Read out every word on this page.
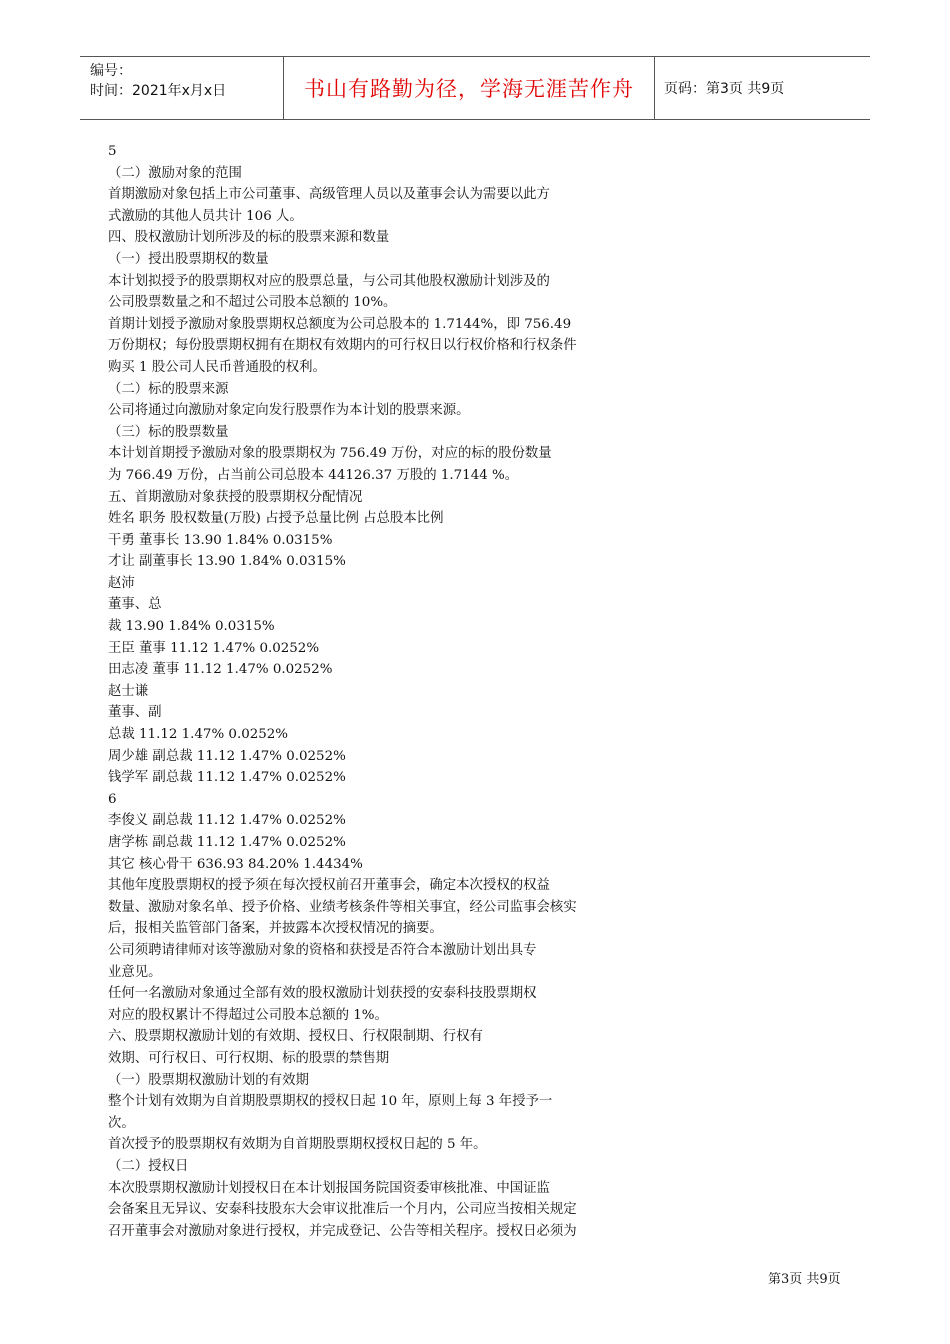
编号：
时间：2021年x月x日	书山有路勤为径，学海无涯苦作舟	页码：第3页 共9页
5
（二）激励对象的范围
首期激励对象包括上市公司董事、高级管理人员以及董事会认为需要以此方
式激励的其他人员共计 106 人。
四、股权激励计划所涉及的标的股票来源和数量
（一）授出股票期权的数量
本计划拟授予的股票期权对应的股票总量，与公司其他股权激励计划涉及的
公司股票数量之和不超过公司股本总额的 10%。
首期计划授予激励对象股票期权总额度为公司总股本的 1.7144%，即 756.49
万份期权；每份股票期权拥有在期权有效期内的可行权日以行权价格和行权条件
购买 1 股公司人民币普通股的权利。
（二）标的股票来源
公司将通过向激励对象定向发行股票作为本计划的股票来源。
（三）标的股票数量
本计划首期授予激励对象的股票期权为 756.49 万份，对应的标的股份数量
为 766.49 万份，占当前公司总股本 44126.37 万股的 1.7144 %。
五、首期激励对象获授的股票期权分配情况
姓名 职务 股权数量(万股) 占授予总量比例 占总股本比例
干勇 董事长 13.90 1.84% 0.0315%
才让 副董事长 13.90 1.84% 0.0315%
赵沛
董事、总
裁 13.90 1.84% 0.0315%
王臣 董事 11.12 1.47% 0.0252%
田志凌 董事 11.12 1.47% 0.0252%
赵士谦
董事、副
总裁 11.12 1.47% 0.0252%
周少雄 副总裁 11.12 1.47% 0.0252%
钱学军 副总裁 11.12 1.47% 0.0252%
6
李俊义 副总裁 11.12 1.47% 0.0252%
唐学栋 副总裁 11.12 1.47% 0.0252%
其它 核心骨干 636.93 84.20% 1.4434%
其他年度股票期权的授予须在每次授权前召开董事会，确定本次授权的权益
数量、激励对象名单、授予价格、业绩考核条件等相关事宜，经公司监事会核实
后，报相关监管部门备案，并披露本次授权情况的摘要。
公司须聘请律师对该等激励对象的资格和获授是否符合本激励计划出具专
业意见。
任何一名激励对象通过全部有效的股权激励计划获授的安泰科技股票期权
对应的股权累计不得超过公司股本总额的 1%。
六、股票期权激励计划的有效期、授权日、行权限制期、行权有
效期、可行权日、可行权期、标的股票的禁售期
（一）股票期权激励计划的有效期
整个计划有效期为自首期股票期权的授权日起 10 年，原则上每 3 年授予一
次。
首次授予的股票期权有效期为自首期股票期权授权日起的 5 年。
（二）授权日
本次股票期权激励计划授权日在本计划报国务院国资委审核批准、中国证监
会备案且无异议、安泰科技股东大会审议批准后一个月内，公司应当按相关规定
召开董事会对激励对象进行授权，并完成登记、公告等相关程序。授权日必须为
第3页 共9页
